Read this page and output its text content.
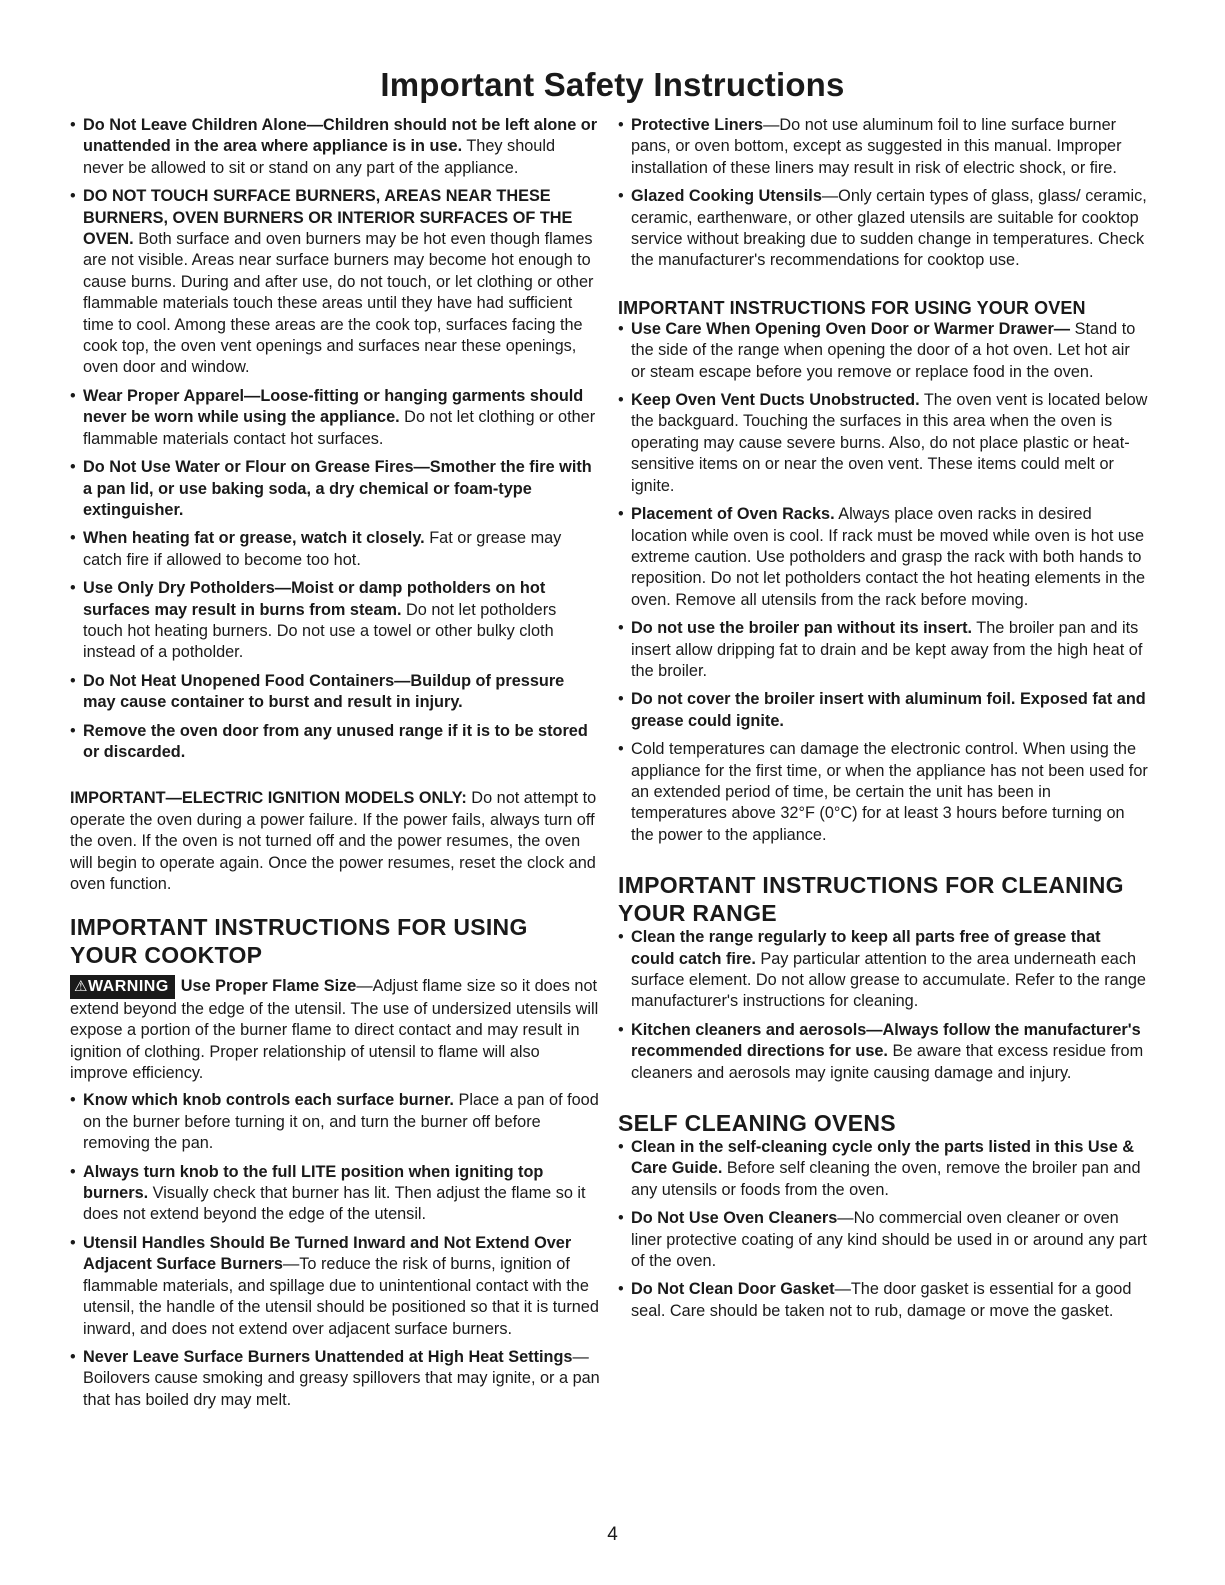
Important Safety Instructions
• Do Not Leave Children Alone—Children should not be left alone or unattended in the area where appliance is in use. They should never be allowed to sit or stand on any part of the appliance.
• DO NOT TOUCH SURFACE BURNERS, AREAS NEAR THESE BURNERS, OVEN BURNERS OR INTERIOR SURFACES OF THE OVEN. Both surface and oven burners may be hot even though flames are not visible. Areas near surface burners may become hot enough to cause burns. During and after use, do not touch, or let clothing or other flammable materials touch these areas until they have had sufficient time to cool. Among these areas are the cook top, surfaces facing the cook top, the oven vent openings and surfaces near these openings, oven door and window.
• Wear Proper Apparel—Loose-fitting or hanging garments should never be worn while using the appliance. Do not let clothing or other flammable materials contact hot surfaces.
• Do Not Use Water or Flour on Grease Fires—Smother the fire with a pan lid, or use baking soda, a dry chemical or foam-type extinguisher.
• When heating fat or grease, watch it closely. Fat or grease may catch fire if allowed to become too hot.
• Use Only Dry Potholders—Moist or damp potholders on hot surfaces may result in burns from steam. Do not let potholders touch hot heating burners. Do not use a towel or other bulky cloth instead of a potholder.
• Do Not Heat Unopened Food Containers—Buildup of pressure may cause container to burst and result in injury.
• Remove the oven door from any unused range if it is to be stored or discarded.
IMPORTANT—ELECTRIC IGNITION MODELS ONLY: Do not attempt to operate the oven during a power failure. If the power fails, always turn off the oven. If the oven is not turned off and the power resumes, the oven will begin to operate again. Once the power resumes, reset the clock and oven function.
IMPORTANT INSTRUCTIONS FOR USING YOUR COOKTOP
⚠WARNING Use Proper Flame Size—Adjust flame size so it does not extend beyond the edge of the utensil. The use of undersized utensils will expose a portion of the burner flame to direct contact and may result in ignition of clothing. Proper relationship of utensil to flame will also improve efficiency.
• Know which knob controls each surface burner. Place a pan of food on the burner before turning it on, and turn the burner off before removing the pan.
• Always turn knob to the full LITE position when igniting top burners. Visually check that burner has lit. Then adjust the flame so it does not extend beyond the edge of the utensil.
• Utensil Handles Should Be Turned Inward and Not Extend Over Adjacent Surface Burners—To reduce the risk of burns, ignition of flammable materials, and spillage due to unintentional contact with the utensil, the handle of the utensil should be positioned so that it is turned inward, and does not extend over adjacent surface burners.
• Never Leave Surface Burners Unattended at High Heat Settings—Boilovers cause smoking and greasy spillovers that may ignite, or a pan that has boiled dry may melt.
• Protective Liners—Do not use aluminum foil to line surface burner pans, or oven bottom, except as suggested in this manual. Improper installation of these liners may result in risk of electric shock, or fire.
• Glazed Cooking Utensils—Only certain types of glass, glass/ ceramic, ceramic, earthenware, or other glazed utensils are suitable for cooktop service without breaking due to sudden change in temperatures. Check the manufacturer's recommendations for cooktop use.
IMPORTANT INSTRUCTIONS FOR USING YOUR OVEN
• Use Care When Opening Oven Door or Warmer Drawer— Stand to the side of the range when opening the door of a hot oven. Let hot air or steam escape before you remove or replace food in the oven.
• Keep Oven Vent Ducts Unobstructed. The oven vent is located below the backguard. Touching the surfaces in this area when the oven is operating may cause severe burns. Also, do not place plastic or heat-sensitive items on or near the oven vent. These items could melt or ignite.
• Placement of Oven Racks. Always place oven racks in desired location while oven is cool. If rack must be moved while oven is hot use extreme caution. Use potholders and grasp the rack with both hands to reposition. Do not let potholders contact the hot heating elements in the oven. Remove all utensils from the rack before moving.
• Do not use the broiler pan without its insert. The broiler pan and its insert allow dripping fat to drain and be kept away from the high heat of the broiler.
• Do not cover the broiler insert with aluminum foil. Exposed fat and grease could ignite.
• Cold temperatures can damage the electronic control. When using the appliance for the first time, or when the appliance has not been used for an extended period of time, be certain the unit has been in temperatures above 32°F (0°C) for at least 3 hours before turning on the power to the appliance.
IMPORTANT INSTRUCTIONS FOR CLEANING YOUR RANGE
• Clean the range regularly to keep all parts free of grease that could catch fire. Pay particular attention to the area underneath each surface element. Do not allow grease to accumulate. Refer to the range manufacturer's instructions for cleaning.
• Kitchen cleaners and aerosols—Always follow the manufacturer's recommended directions for use. Be aware that excess residue from cleaners and aerosols may ignite causing damage and injury.
SELF CLEANING OVENS
• Clean in the self-cleaning cycle only the parts listed in this Use & Care Guide. Before self cleaning the oven, remove the broiler pan and any utensils or foods from the oven.
• Do Not Use Oven Cleaners—No commercial oven cleaner or oven liner protective coating of any kind should be used in or around any part of the oven.
• Do Not Clean Door Gasket—The door gasket is essential for a good seal. Care should be taken not to rub, damage or move the gasket.
4
